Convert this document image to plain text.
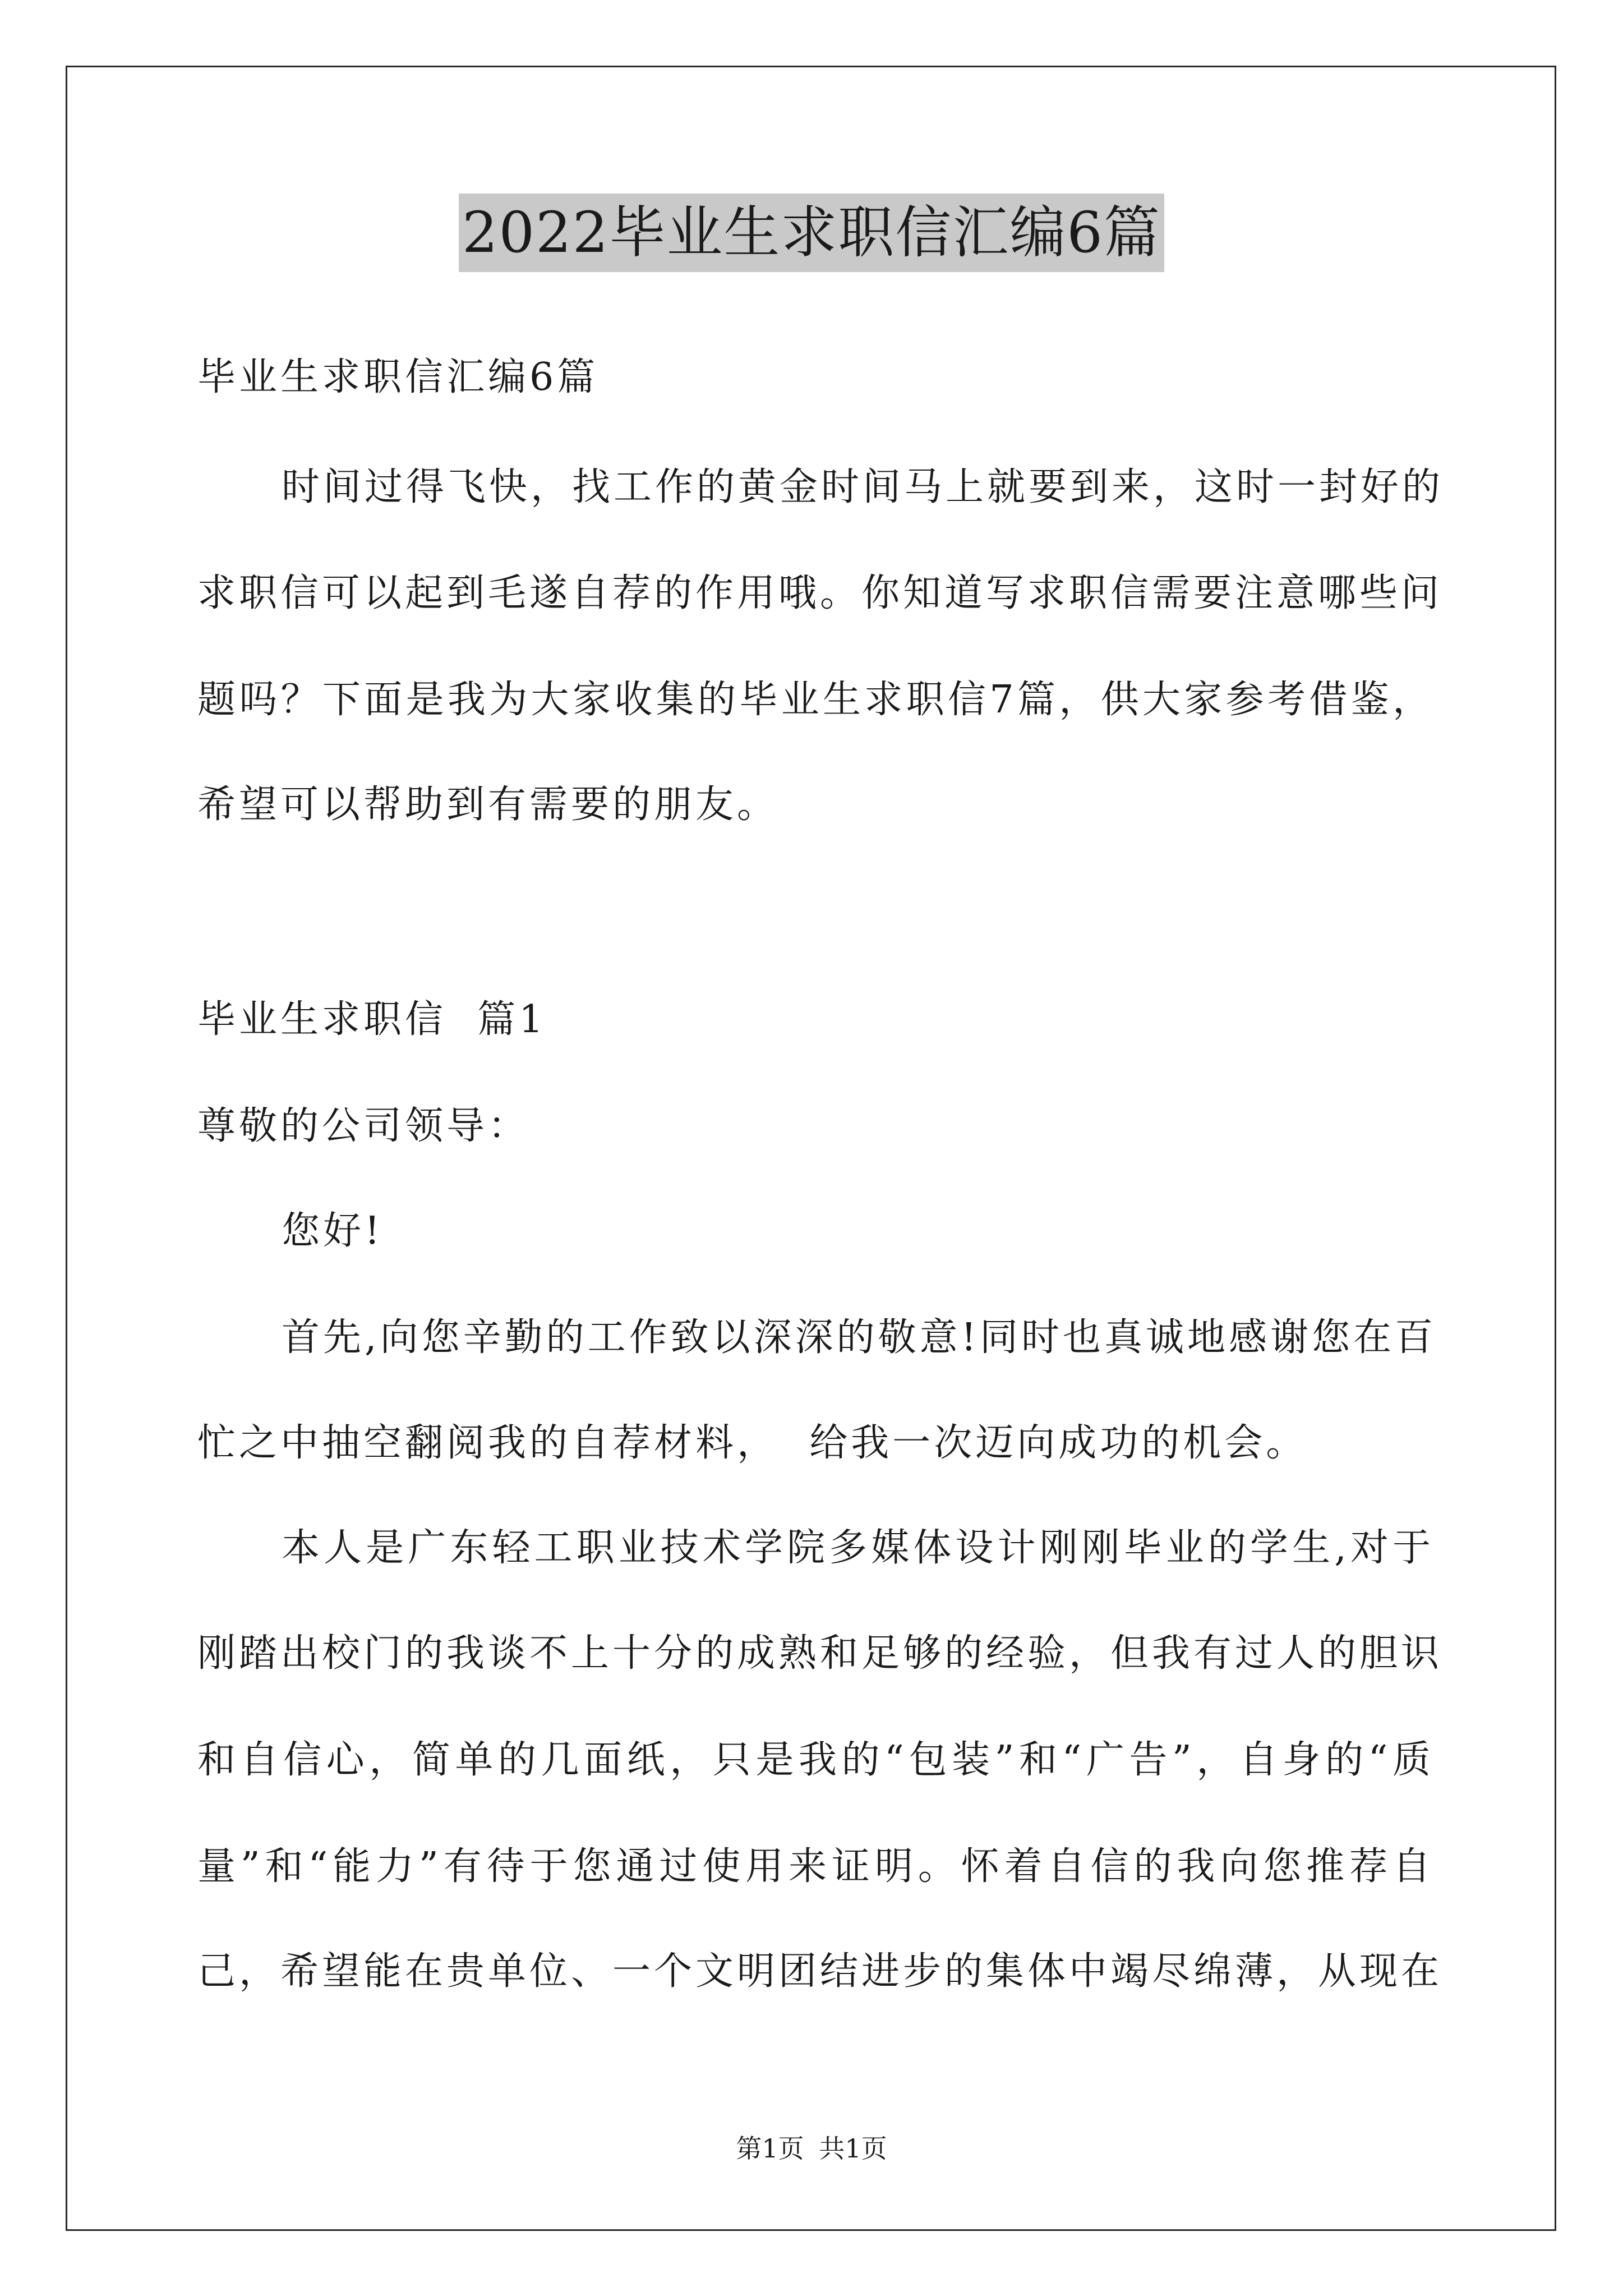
2022毕业生求职信汇编6篇
毕业生求职信汇编6篇
时间过得飞快，找工作的黄金时间马上就要到来，这时一封好的
求职信可以起到毛遂自荐的作用哦。你知道写求职信需要注意哪些问
题吗？下面是我为大家收集的毕业生求职信7篇，供大家参考借鉴，
希望可以帮助到有需要的朋友。
毕业生求职信  篇1
尊敬的公司领导：
您好!
首先,向您辛勤的工作致以深深的敬意!同时也真诚地感谢您在百
忙之中抽空翻阅我的自荐材料，  给我一次迈向成功的机会。
本人是广东轻工职业技术学院多媒体设计刚刚毕业的学生,对于
刚踏出校门的我谈不上十分的成熟和足够的经验，但我有过人的胆识
和自信心，简单的几面纸，只是我的“包装”和“广告”，自身的“质
量”和“能力”有待于您通过使用来证明。怀着自信的我向您推荐自
己，希望能在贵单位、一个文明团结进步的集体中竭尽绵薄，从现在
第1页 共1页
